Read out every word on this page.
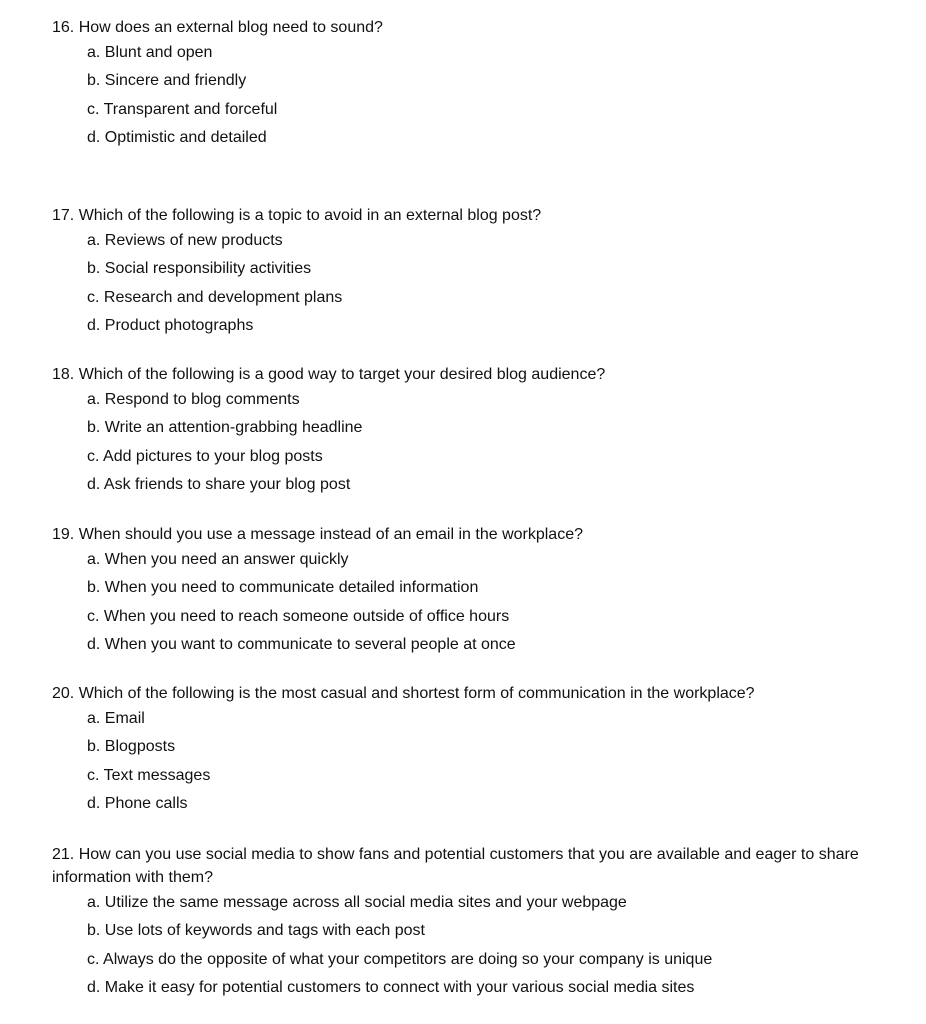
16. How does an external blog need to sound?
a. Blunt and open
b. Sincere and friendly
c. Transparent and forceful
d. Optimistic and detailed
17. Which of the following is a topic to avoid in an external blog post?
a. Reviews of new products
b. Social responsibility activities
c. Research and development plans
d. Product photographs
18. Which of the following is a good way to target your desired blog audience?
a. Respond to blog comments
b. Write an attention-grabbing headline
c. Add pictures to your blog posts
d. Ask friends to share your blog post
19. When should you use a message instead of an email in the workplace?
a. When you need an answer quickly
b. When you need to communicate detailed information
c. When you need to reach someone outside of office hours
d. When you want to communicate to several people at once
20. Which of the following is the most casual and shortest form of communication in the workplace?
a. Email
b. Blogposts
c. Text messages
d. Phone calls
21. How can you use social media to show fans and potential customers that you are available and eager to share information with them?
a. Utilize the same message across all social media sites and your webpage
b. Use lots of keywords and tags with each post
c. Always do the opposite of what your competitors are doing so your company is unique
d. Make it easy for potential customers to connect with your various social media sites
